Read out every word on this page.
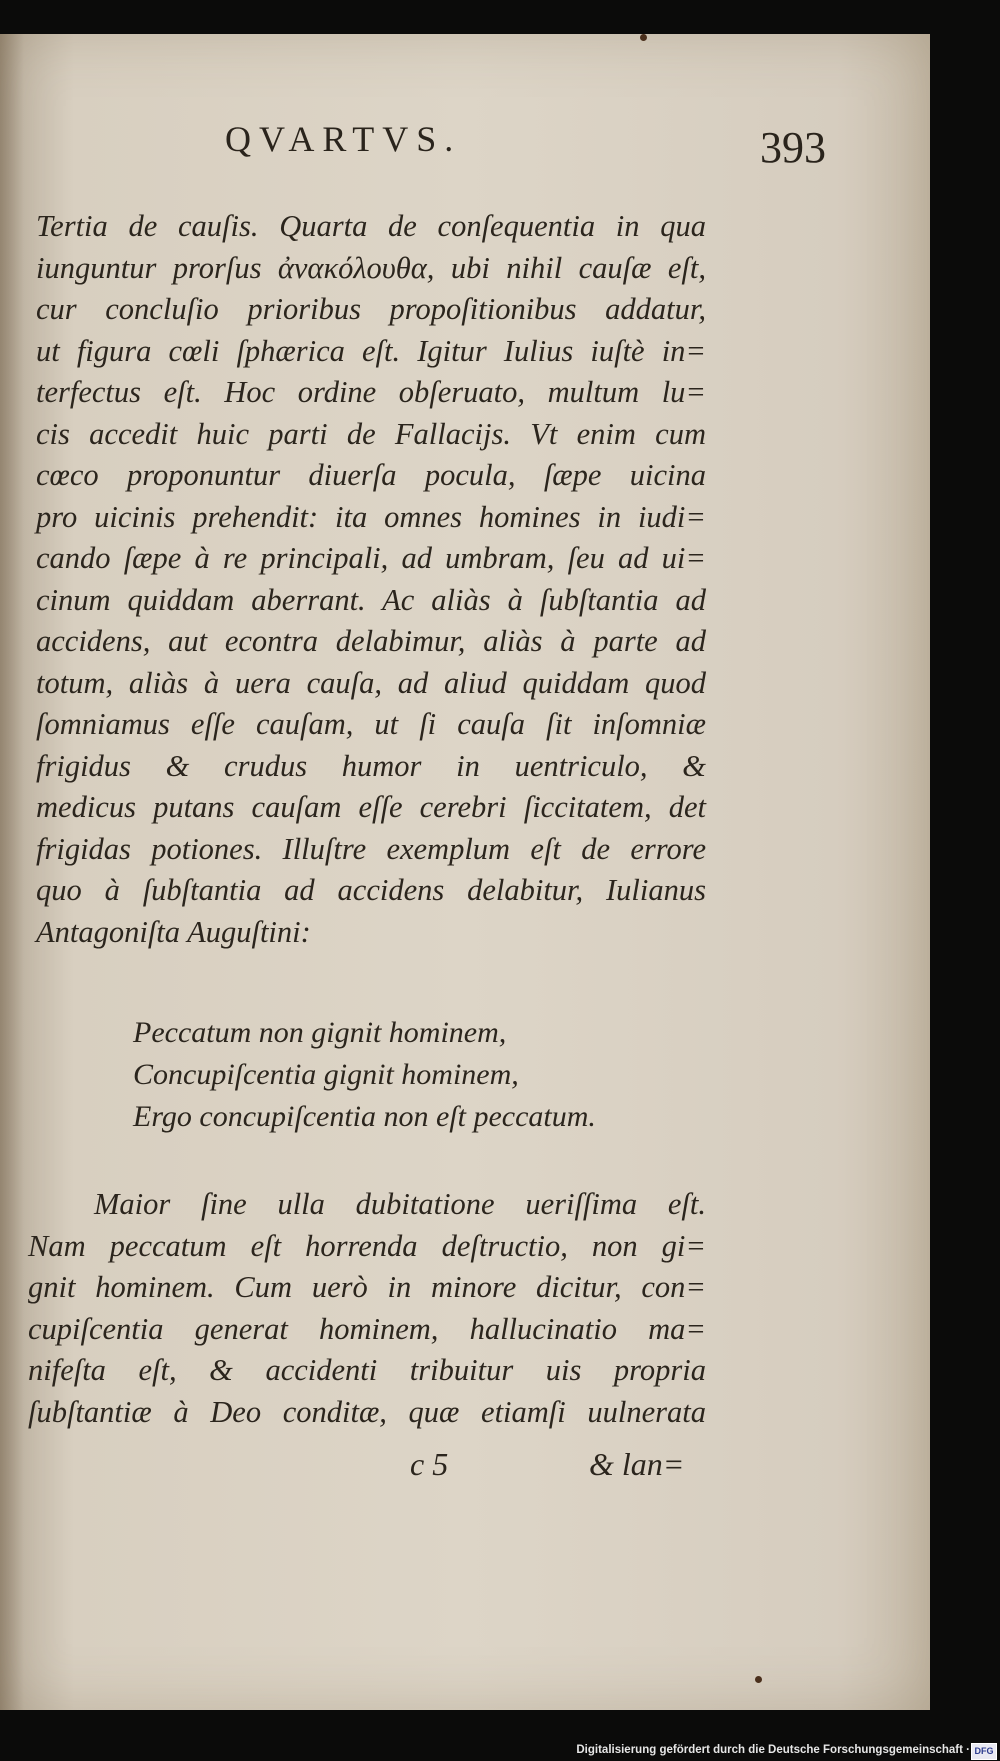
QVARTVS.	393
Tertia de cauſis. Quarta de conſequentia in qua
iunguntur prorſus ἀνακόλουθα, ubi nihil cauſæ eſt,
cur concluſio prioribus propoſitionibus addatur,
ut figura cœli ſphærica eſt. Igitur Iulius iuſtè in=
terfectus eſt. Hoc ordine obſeruato, multum lu=
cis accedit huic parti de Fallacijs. Vt enim cum
cœco proponuntur diuerſa pocula, ſæpe uicina
pro uicinis prehendit: ita omnes homines in iudi=
cando ſæpe à re principali, ad umbram, ſeu ad ui=
cinum quiddam aberrant. Ac aliàs à ſubſtantia ad
accidens, aut econtra delabimur, aliàs à parte ad
totum, aliàs à uera cauſa, ad aliud quiddam quod
ſomniamus eſſe cauſam, ut ſi cauſa ſit inſomniæ
frigidus & crudus humor in uentriculo, &
medicus putans cauſam eſſe cerebri ſiccitatem, det
frigidas potiones. Illuſtre exemplum eſt de errore
quo à ſubſtantia ad accidens delabitur, Iulianus
Antagoniſta Auguſtini:
Peccatum non gignit hominem,
Concupiſcentia gignit hominem,
Ergo concupiſcentia non eſt peccatum.
Maior ſine ulla dubitatione ueriſſima eſt.
Nam peccatum eſt horrenda deſtructio, non gi=
gnit hominem. Cum uerò in minore dicitur, con=
cupiſcentia generat hominem, hallucinatio ma=
nifeſta eſt, & accidenti tribuitur uis propria
ſubſtantiæ à Deo conditæ, quæ etiamſi uulnerata
c 5	& lan=
Digitalisierung gefördert durch die Deutsche Forschungsgemeinschaft · DFG
